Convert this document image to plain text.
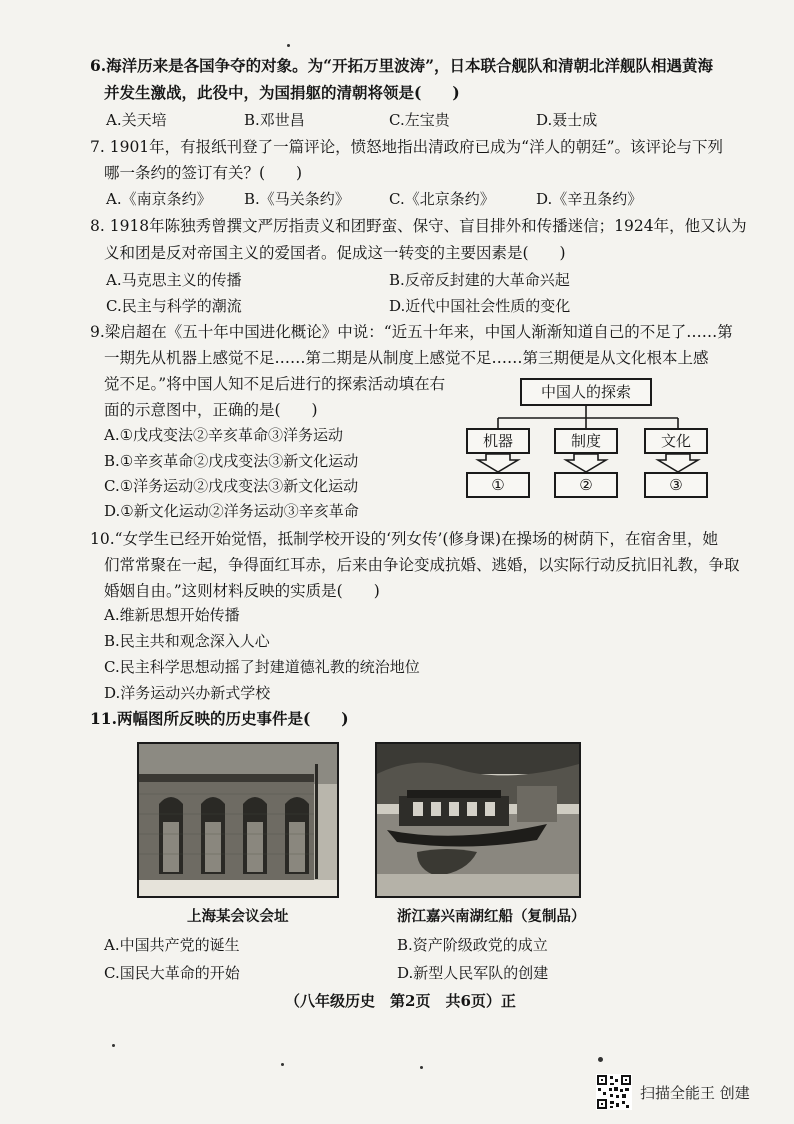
6.海洋历来是各国争夺的对象。为“开拓万里波涛”，日本联合舰队和清朝北洋舰队相遇黄海
并发生激战，此役中，为国捐躯的清朝将领是(　　)
A.关天培	B.邓世昌	C.左宝贵	D.聂士成
7. 1901年，有报纸刊登了一篇评论，愤怒地指出清政府已成为“洋人的朝廷”。该评论与下列
哪一条约的签订有关？(　　)
A.《南京条约》 B.《马关条约》	C.《北京条约》	D.《辛丑条约》
8. 1918年陈独秀曾撰文严厉指责义和团野蛮、保守、盲目排外和传播迷信；1924年，他又认为
义和团是反对帝国主义的爱国者。促成这一转变的主要因素是(　　)
A.马克思主义的传播	B.反帝反封建的大革命兴起
C.民主与科学的潮流	D.近代中国社会性质的变化
9.梁启超在《五十年中国进化概论》中说：“近五十年来，中国人渐渐知道自己的不足了……第
一期先从机器上感觉不足……第二期是从制度上感觉不足……第三期便是从文化根本上感
觉不足。”将中国人知不足后进行的探索活动填在右
面的示意图中，正确的是(　　)
A.①戊戌变法②辛亥革命③洋务运动
B.①辛亥革命②戊戌变法③新文化运动
C.①洋务运动②戊戌变法③新文化运动
D.①新文化运动②洋务运动③辛亥革命
中国人的探索
机器	制度	文化
①	②	③
10.“女学生已经开始觉悟，抵制学校开设的‘列女传’(修身课)在操场的树荫下，在宿舍里，她
们常常聚在一起，争得面红耳赤，后来由争论变成抗婚、逃婚，以实际行动反抗旧礼教，争取
婚姻自由。”这则材料反映的实质是(　　)
A.维新思想开始传播
B.民主共和观念深入人心
C.民主科学思想动摇了封建道德礼教的统治地位
D.洋务运动兴办新式学校
11.两幅图所反映的历史事件是(　　)
上海某会议会址	浙江嘉兴南湖红船（复制品）
A.中国共产党的诞生	B.资产阶级政党的成立
C.国民大革命的开始	D.新型人民军队的创建
（八年级历史　第2页　共6页）正
扫描全能王 创建
